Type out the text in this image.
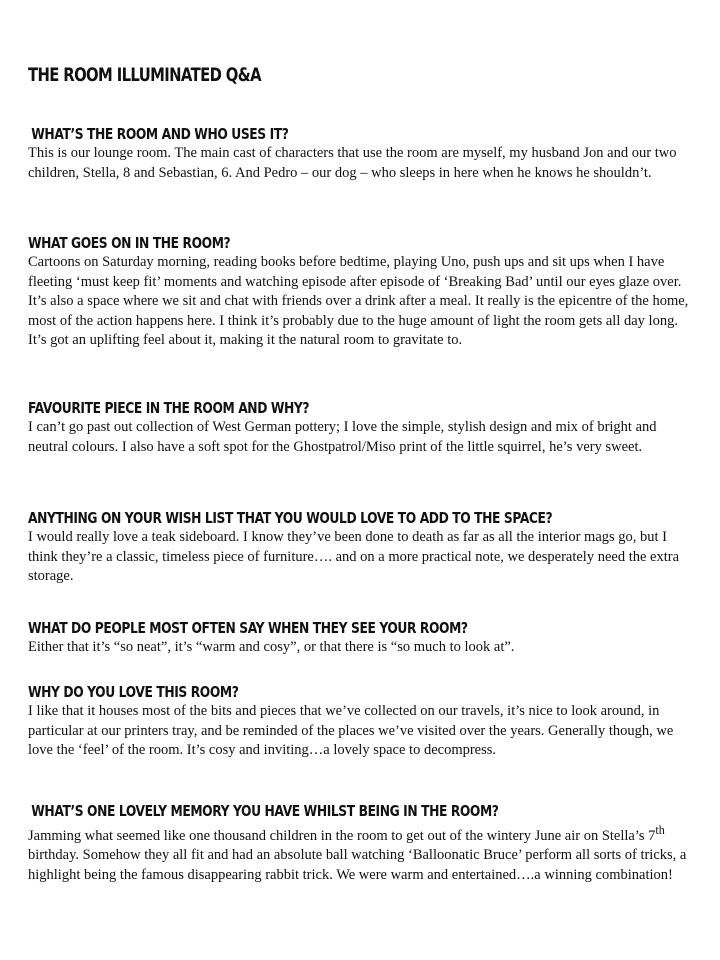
THE ROOM ILLUMINATED Q&A
WHAT’S THE ROOM AND WHO USES IT?

This is our lounge room. The main cast of characters that use the room are myself, my husband Jon and our two children, Stella, 8 and Sebastian, 6. And Pedro – our dog – who sleeps in here when he knows he shouldn’t.

WHAT GOES ON IN THE ROOM?

Cartoons on Saturday morning, reading books before bedtime, playing Uno, push ups and sit ups when I have fleeting ‘must keep fit’ moments and watching episode after episode of ‘Breaking Bad’ until our eyes glaze over. It’s also a space where we sit and chat with friends over a drink after a meal. It really is the epicentre of the home, most of the action happens here. I think it’s probably due to the huge amount of light the room gets all day long. It’s got an uplifting feel about it, making it the natural room to gravitate to.

FAVOURITE PIECE IN THE ROOM AND WHY?

I can’t go past out collection of West German pottery; I love the simple, stylish design and mix of bright and neutral colours. I also have a soft spot for the Ghostpatrol/Miso print of the little squirrel, he’s very sweet.

ANYTHING ON YOUR WISH LIST THAT YOU WOULD LOVE TO ADD TO THE SPACE?

I would really love a teak sideboard. I know they’ve been done to death as far as all the interior mags go, but I think they’re a classic, timeless piece of furniture…. and on a more practical note, we desperately need the extra storage.

WHAT DO PEOPLE MOST OFTEN SAY WHEN THEY SEE YOUR ROOM?

Either that it’s “so neat”, it’s “warm and cosy”, or that there is “so much to look at”.

WHY DO YOU LOVE THIS ROOM?

I like that it houses most of the bits and pieces that we’ve collected on our travels, it’s nice to look around, in particular at our printers tray, and be reminded of the places we’ve visited over the years. Generally though, we love the ‘feel’ of the room. It’s cosy and inviting…a lovely space to decompress.

WHAT’S ONE LOVELY MEMORY YOU HAVE WHILST BEING IN THE ROOM?

Jamming what seemed like one thousand children in the room to get out of the wintery June air on Stella’s 7th birthday. Somehow they all fit and had an absolute ball watching ‘Balloonatic Bruce’ perform all sorts of tricks, a highlight being the famous disappearing rabbit trick. We were warm and entertained….a winning combination!
